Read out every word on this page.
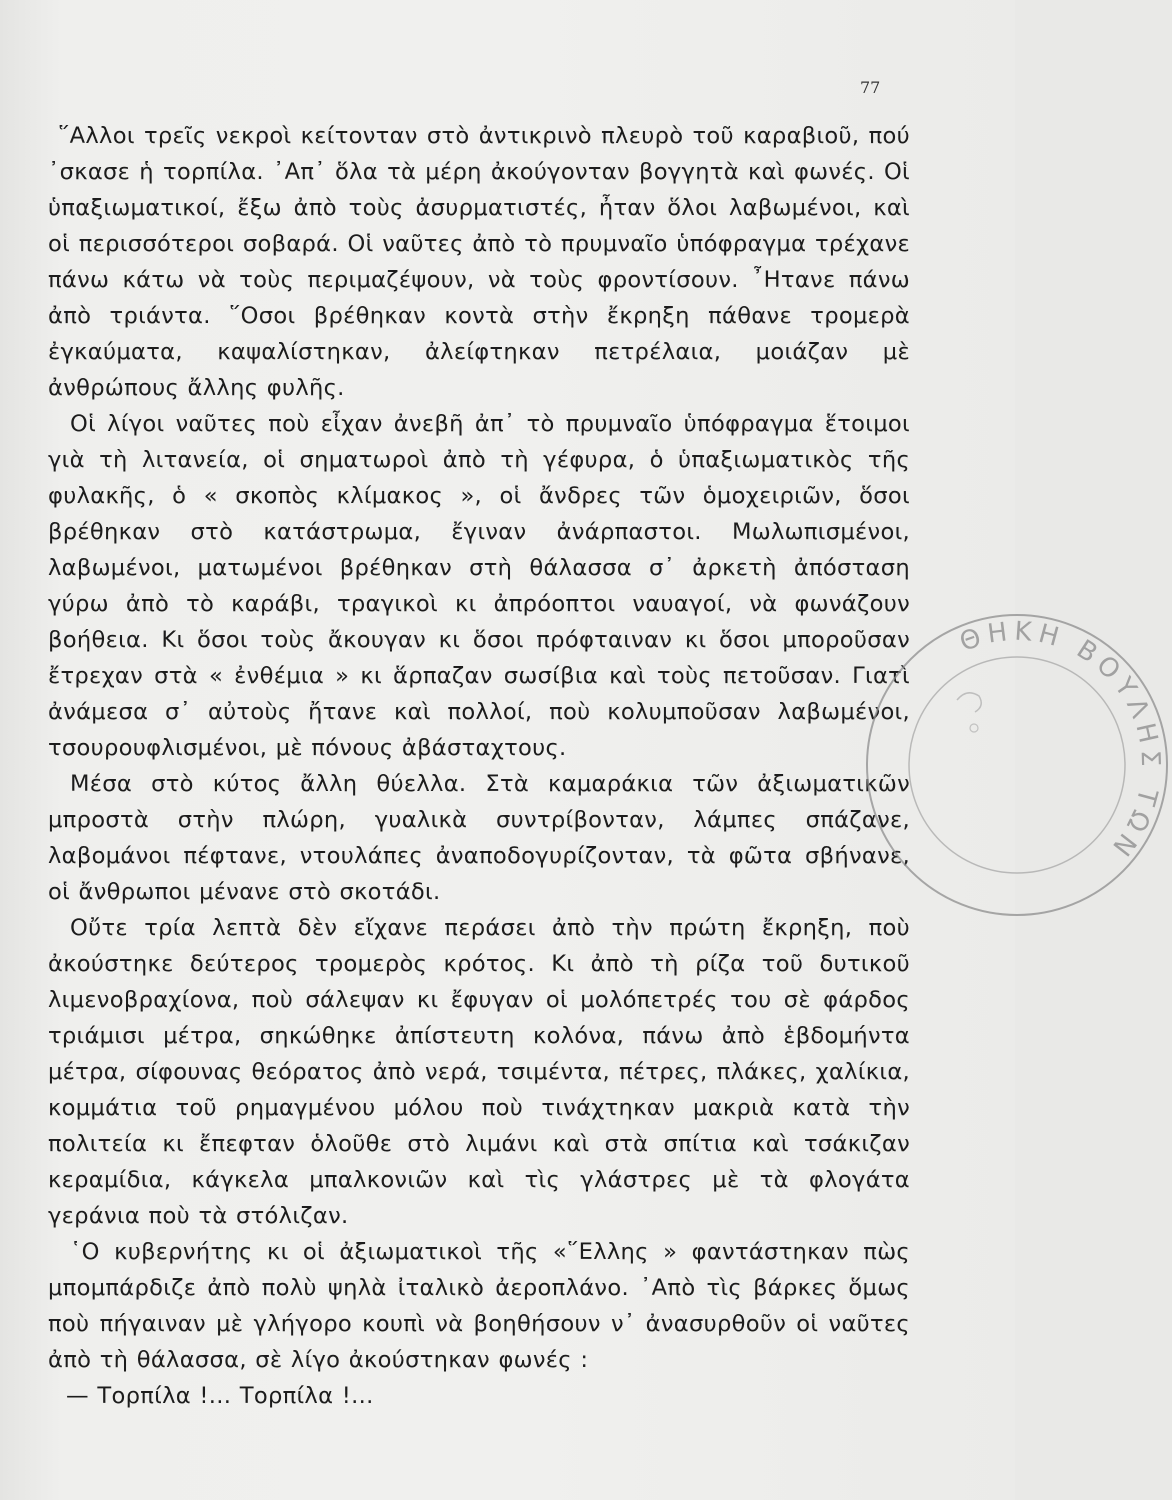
77

῞Αλλοι τρεῖς νεκροὶ κείτονταν στὸ ἀντικρινὸ πλευρὸ τοῦ καραβιοῦ, πού ᾽σκασε ἡ τορπίλα. ᾽Απ᾽ ὅλα τὰ μέρη ἀκούγονταν βογγητὰ καὶ φωνές. Οἱ ὑπαξιωματικοί, ἔξω ἀπὸ τοὺς ἀσυρματιστές, ἦταν ὅλοι λαβωμένοι, καὶ οἱ περισσότεροι σοβαρά. Οἱ ναῦτες ἀπὸ τὸ πρυμναῖο ὑπόφραγμα τρέχανε πάνω κάτω νὰ τοὺς περιμαζέψουν, νὰ τοὺς φροντίσουν. ῏Ητανε πάνω ἀπὸ τριάντα. ῞Οσοι βρέθηκαν κοντὰ στὴν ἔκρηξη πάθανε τρομερὰ ἐγκαύματα, καψαλίστηκαν, ἀλείφτηκαν πετρέλαια, μοιάζαν μὲ ἀνθρώπους ἄλλης φυλῆς.

Οἱ λίγοι ναῦτες ποὺ εἶχαν ἀνεβῆ ἀπ᾽ τὸ πρυμναῖο ὑπόφραγμα ἕτοιμοι γιὰ τὴ λιτανεία, οἱ σηματωροὶ ἀπὸ τὴ γέφυρα, ὁ ὑπαξιωματικὸς τῆς φυλακῆς, ὁ « σκοπὸς κλίμακος », οἱ ἄνδρες τῶν ὁμοχειριῶν, ὅσοι βρέθηκαν στὸ κατάστρωμα, ἔγιναν ἀνάρπαστοι. Μωλωπισμένοι, λαβωμένοι, ματωμένοι βρέθηκαν στὴ θάλασσα σ᾽ ἀρκετὴ ἀπόσταση γύρω ἀπὸ τὸ καράβι, τραγικοὶ κι ἀπρόοπτοι ναυαγοί, νὰ φωνάζουν βοήθεια. Κι ὅσοι τοὺς ἄκουγαν κι ὅσοι πρόφταιναν κι ὅσοι μποροῦσαν ἔτρεχαν στὰ « ἐνθέμια » κι ἅρπαζαν σωσίβια καὶ τοὺς πετοῦσαν. Γιατὶ ἀνάμεσα σ᾽ αὐτοὺς ἤτανε καὶ πολλοί, ποὺ κολυμποῦσαν λαβωμένοι, τσουρουφλισμένοι, μὲ πόνους ἀβάσταχτους.

Μέσα στὸ κύτος ἄλλη θύελλα. Στὰ καμαράκια τῶν ἀξιωματικῶν μπροστὰ στὴν πλώρη, γυαλικὰ συντρίβονταν, λάμπες σπάζανε, λαβομάνοι πέφτανε, ντουλάπες ἀναποδογυρίζονταν, τὰ φῶτα σβήνανε, οἱ ἄνθρωποι μένανε στὸ σκοτάδι.

Οὔτε τρία λεπτὰ δὲν εἴχανε περάσει ἀπὸ τὴν πρώτη ἔκρηξη, ποὺ ἀκούστηκε δεύτερος τρομερὸς κρότος. Κι ἀπὸ τὴ ρίζα τοῦ δυτικοῦ λιμενοβραχίονα, ποὺ σάλεψαν κι ἔφυγαν οἱ μολόπετρές του σὲ φάρδος τριάμισι μέτρα, σηκώθηκε ἀπίστευτη κολόνα, πάνω ἀπὸ ἑβδομήντα μέτρα, σίφουνας θεόρατος ἀπὸ νερά, τσιμέντα, πέτρες, πλάκες, χαλίκια, κομμάτια τοῦ ρημαγμένου μόλου ποὺ τινάχτηκαν μακριὰ κατὰ τὴν πολιτεία κι ἔπεφταν ὁλοῦθε στὸ λιμάνι καὶ στὰ σπίτια καὶ τσάκιζαν κεραμίδια, κάγκελα μπαλκονιῶν καὶ τὶς γλάστρες μὲ τὰ φλογάτα γεράνια ποὺ τὰ στόλιζαν.

῾Ο κυβερνήτης κι οἱ ἀξιωματικοὶ τῆς «῞Ελλης » φαντάστηκαν πὼς μπομπάρδιζε ἀπὸ πολὺ ψηλὰ ἰταλικὸ ἀεροπλάνο. ᾽Απὸ τὶς βάρκες ὅμως ποὺ πήγαιναν μὲ γλήγορο κουπὶ νὰ βοηθήσουν ν᾽ ἀνασυρθοῦν οἱ ναῦτες ἀπὸ τὴ θάλασσα, σὲ λίγο ἀκούστηκαν φωνές :

— Τορπίλα !... Τορπίλα !...

ΘΗΚΗ ΒΟΥΛΗΣ ΤΩΝ
